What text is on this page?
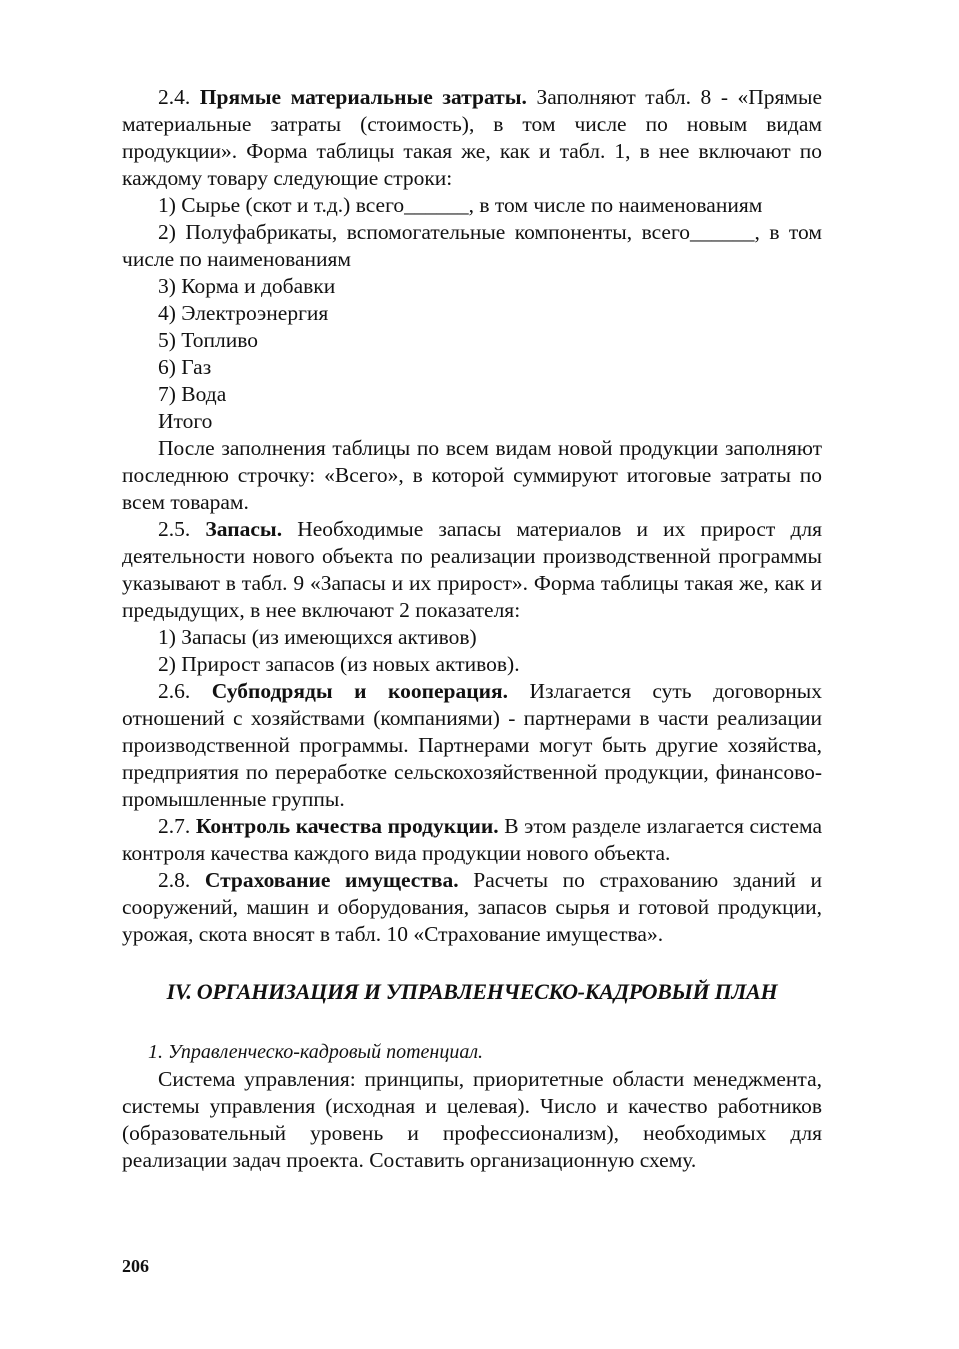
2.4. Прямые материальные затраты. Заполняют табл. 8 - «Прямые материальные затраты (стоимость), в том числе по новым видам продукции». Форма таблицы такая же, как и табл. 1, в нее включают по каждому товару следующие строки:

1) Сырье (скот и т.д.) всего______, в том числе по наименованиям

2) Полуфабрикаты, вспомогательные компоненты, всего______, в том числе по наименованиям

3) Корма и добавки

4) Электроэнергия

5) Топливо

6) Газ

7) Вода

Итого

После заполнения таблицы по всем видам новой продукции заполняют последнюю строчку: «Всего», в которой суммируют итоговые затраты по всем товарам.

2.5. Запасы. Необходимые запасы материалов и их прирост для деятельности нового объекта по реализации производственной программы указывают в табл. 9 «Запасы и их прирост». Форма таблицы такая же, как и предыдущих, в нее включают 2 показателя:

1) Запасы (из имеющихся активов)

2) Прирост запасов (из новых активов).

2.6. Субподряды и кооперация. Излагается суть договорных отношений с хозяйствами (компаниями) - партнерами в части реализации производственной программы. Партнерами могут быть другие хозяйства, предприятия по переработке сельскохозяйственной продукции, финансово-промышленные группы.

2.7. Контроль качества продукции. В этом разделе излагается система контроля качества каждого вида продукции нового объекта.

2.8. Страхование имущества. Расчеты по страхованию зданий и сооружений, машин и оборудования, запасов сырья и готовой продукции, урожая, скота вносят в табл. 10 «Страхование имущества».

IV. ОРГАНИЗАЦИЯ И УПРАВЛЕНЧЕСКО-КАДРОВЫЙ ПЛАН

1. Управленческо-кадровый потенциал.

Система управления: принципы, приоритетные области менеджмента, системы управления (исходная и целевая). Число и качество работников (образовательный уровень и профессионализм), необходимых для реализации задач проекта. Составить организационную схему.

206
